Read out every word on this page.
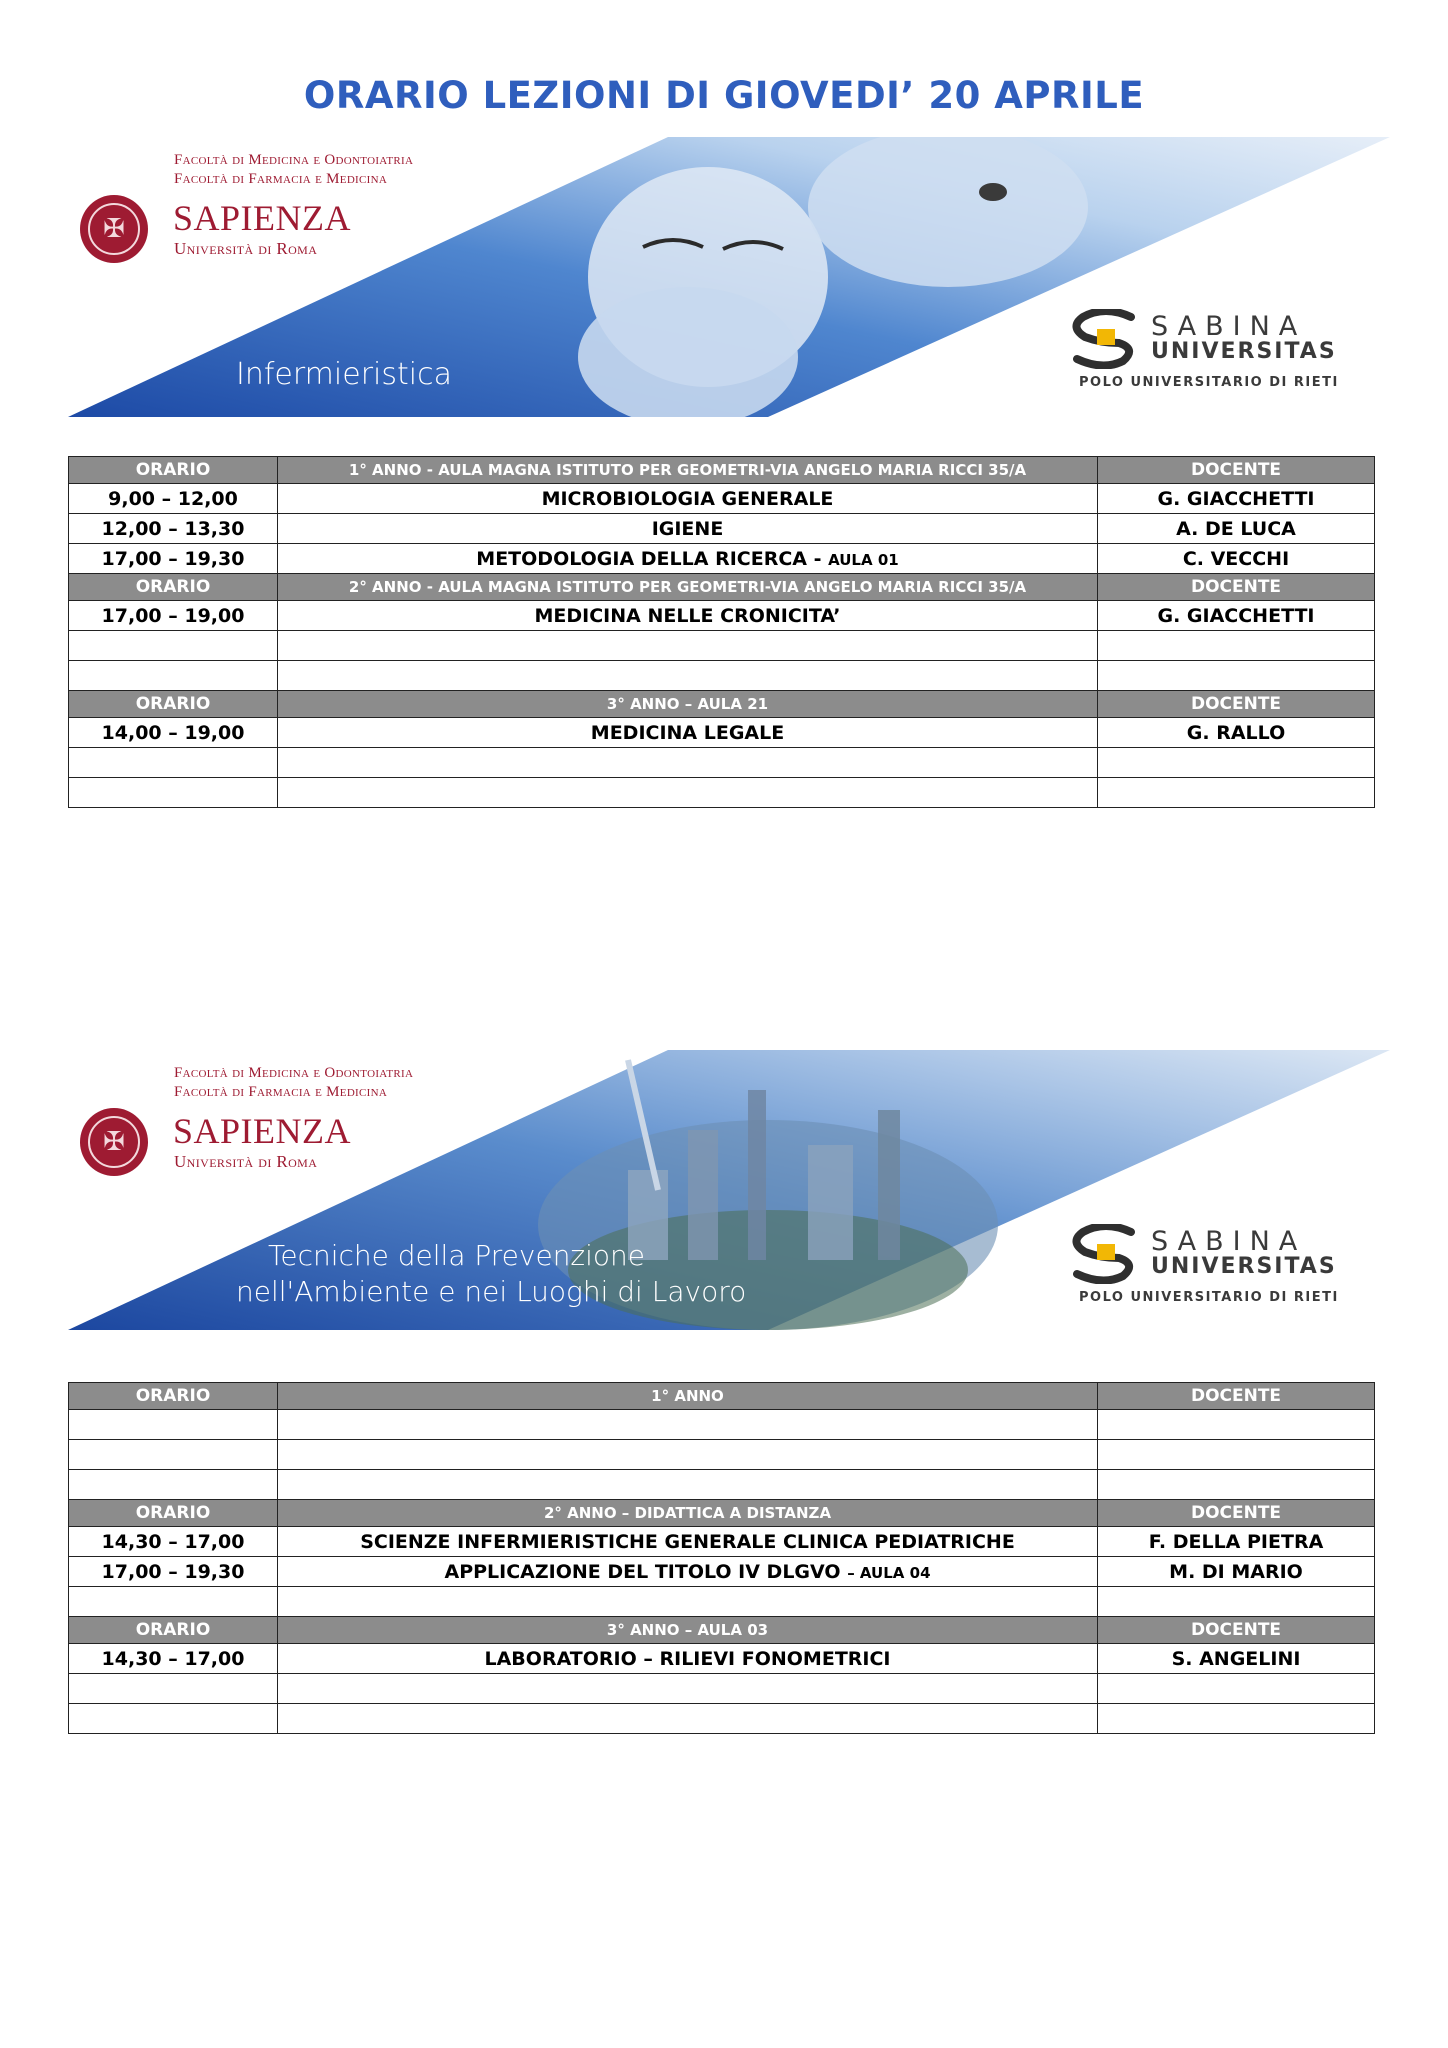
ORARIO LEZIONI DI GIOVEDI’ 20 APRILE
Facoltà di Medicina e Odontoiatria
Facoltà di Farmacia e Medicina
✠	SAPIENZA
Università di Roma
Infermieristica
SABINA
UNIVERSITAS
POLO UNIVERSITARIO DI RIETI
ORARIO	1° ANNO - AULA MAGNA ISTITUTO PER GEOMETRI-VIA ANGELO MARIA RICCI 35/A	DOCENTE
9,00 – 12,00	MICROBIOLOGIA GENERALE	G. GIACCHETTI
12,00 – 13,30	IGIENE	A. DE LUCA
17,00 – 19,30	METODOLOGIA DELLA RICERCA - AULA 01	C. VECCHI
ORARIO	2° ANNO - AULA MAGNA ISTITUTO PER GEOMETRI-VIA ANGELO MARIA RICCI 35/A	DOCENTE
17,00 – 19,00	MEDICINA NELLE CRONICITA’	G. GIACCHETTI

ORARIO	3° ANNO – AULA 21	DOCENTE
14,00 – 19,00	MEDICINA LEGALE	G. RALLO

Facoltà di Medicina e Odontoiatria
Facoltà di Farmacia e Medicina
✠	SAPIENZA
Università di Roma
Tecniche della Prevenzione
nell'Ambiente e nei Luoghi di Lavoro
SABINA
UNIVERSITAS
POLO UNIVERSITARIO DI RIETI
ORARIO	1° ANNO	DOCENTE

ORARIO	2° ANNO – DIDATTICA A DISTANZA	DOCENTE
14,30 – 17,00	SCIENZE INFERMIERISTICHE GENERALE CLINICA PEDIATRICHE	F. DELLA PIETRA
17,00 – 19,30	APPLICAZIONE DEL TITOLO IV DLGVO – AULA 04	M. DI MARIO

ORARIO	3° ANNO – AULA 03	DOCENTE
14,30 – 17,00	LABORATORIO – RILIEVI FONOMETRICI	S. ANGELINI
